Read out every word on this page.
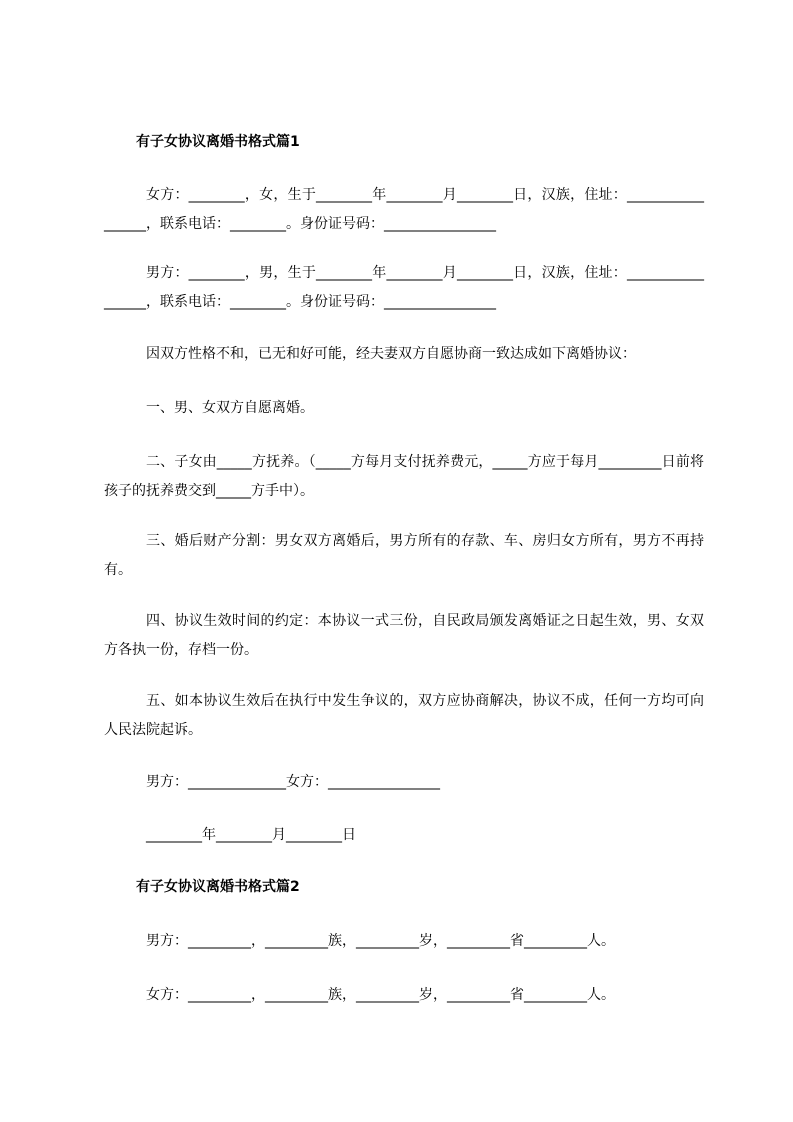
有子女协议离婚书格式篇1
女方：________，女，生于________年________月________日，汉族，住址：_________________，联系电话：________。身份证号码：________________
男方：________，男，生于________年________月________日，汉族，住址：_________________，联系电话：________。身份证号码：________________
因双方性格不和，已无和好可能，经夫妻双方自愿协商一致达成如下离婚协议：
一、男、女双方自愿离婚。
二、子女由_____方抚养。（_____方每月支付抚养费元，_____方应于每月_________日前将孩子的抚养费交到_____方手中）。
三、婚后财产分割：男女双方离婚后，男方所有的存款、车、房归女方所有，男方不再持有。
四、协议生效时间的约定：本协议一式三份，自民政局颁发离婚证之日起生效，男、女双方各执一份，存档一份。
五、如本协议生效后在执行中发生争议的，双方应协商解决，协议不成，任何一方均可向人民法院起诉。
男方：______________女方：________________
________年________月________日
有子女协议离婚书格式篇2
男方：_________，_________族，_________岁，_________省_________人。
女方：_________，_________族，_________岁，_________省_________人。
